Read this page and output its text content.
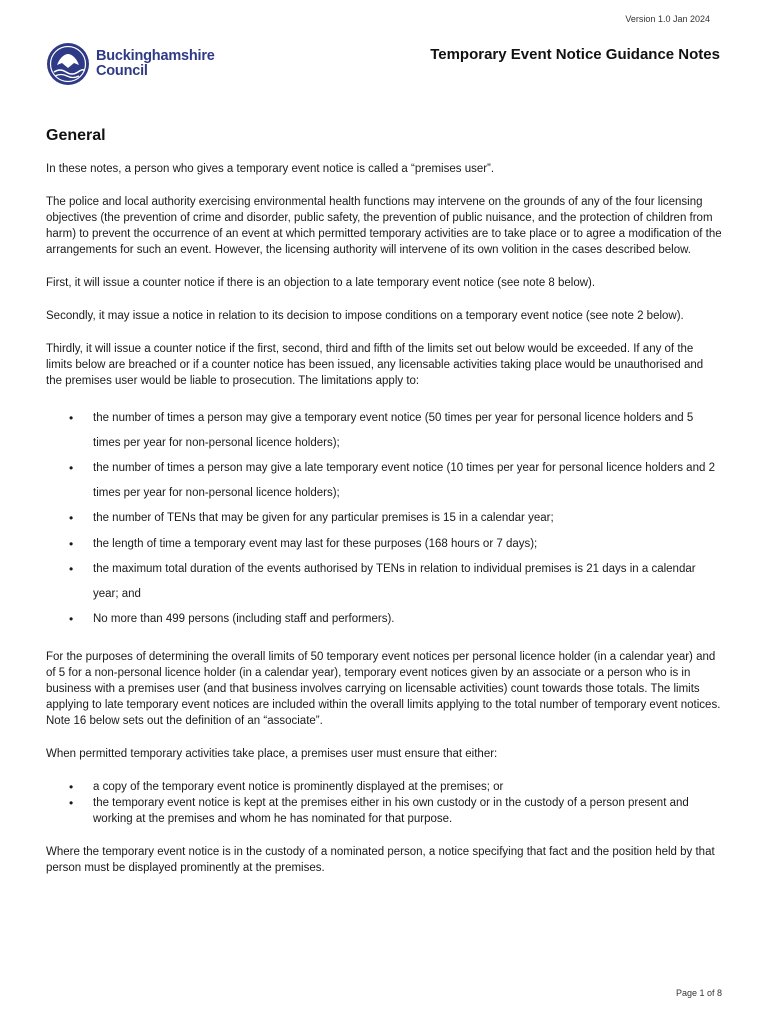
Version 1.0 Jan 2024
Buckinghamshire
Council
Temporary Event Notice Guidance Notes
General

In these notes, a person who gives a temporary event notice is called a “premises user”.

The police and local authority exercising environmental health functions may intervene on the grounds of any of the four licensing objectives (the prevention of crime and disorder, public safety, the prevention of public nuisance, and the protection of children from harm) to prevent the occurrence of an event at which permitted temporary activities are to take place or to agree a modification of the arrangements for such an event. However, the licensing authority will intervene of its own volition in the cases described below.

First, it will issue a counter notice if there is an objection to a late temporary event notice (see note 8 below).

Secondly, it may issue a notice in relation to its decision to impose conditions on a temporary event notice (see note 2 below).

Thirdly, it will issue a counter notice if the first, second, third and fifth of the limits set out below would be exceeded. If any of the limits below are breached or if a counter notice has been issued, any licensable activities taking place would be unauthorised and the premises user would be liable to prosecution. The limitations apply to:

• the number of times a person may give a temporary event notice (50 times per year for personal licence holders and 5 times per year for non-personal licence holders);
• the number of times a person may give a late temporary event notice (10 times per year for personal licence holders and 2 times per year for non-personal licence holders);
• the number of TENs that may be given for any particular premises is 15 in a calendar year;
• the length of time a temporary event may last for these purposes (168 hours or 7 days);
• the maximum total duration of the events authorised by TENs in relation to individual premises is 21 days in a calendar year; and
• No more than 499 persons (including staff and performers).

For the purposes of determining the overall limits of 50 temporary event notices per personal licence holder (in a calendar year) and of 5 for a non-personal licence holder (in a calendar year), temporary event notices given by an associate or a person who is in business with a premises user (and that business involves carrying on licensable activities) count towards those totals. The limits applying to late temporary event notices are included within the overall limits applying to the total number of temporary event notices. Note 16 below sets out the definition of an “associate”.

When permitted temporary activities take place, a premises user must ensure that either:

• a copy of the temporary event notice is prominently displayed at the premises; or
• the temporary event notice is kept at the premises either in his own custody or in the custody of a person present and working at the premises and whom he has nominated for that purpose.

Where the temporary event notice is in the custody of a nominated person, a notice specifying that fact and the position held by that person must be displayed prominently at the premises.

Page 1 of 8
